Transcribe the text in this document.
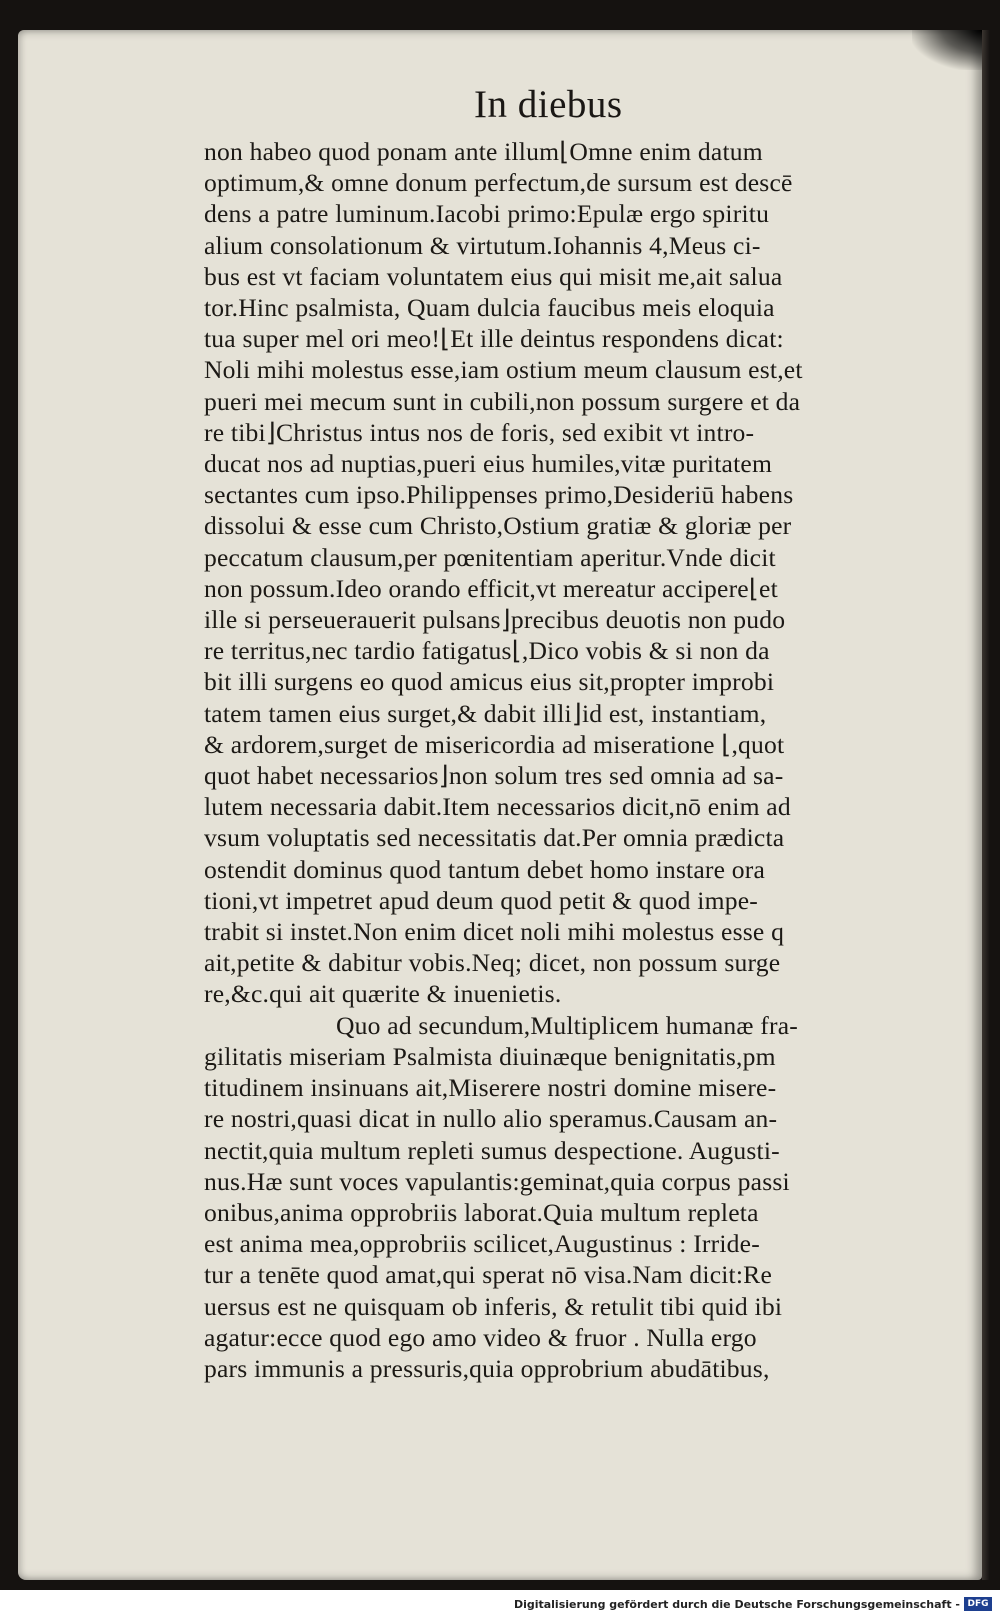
In diebus
non habeo quod ponam ante illum⌊Omne enim datum
optimum,& omne donum perfectum,de sursum est descē
dens a patre luminum.Iacobi primo:Epulæ ergo spiritu
alium consolationum & virtutum.Iohannis 4,Meus ci-
bus est vt faciam voluntatem eius qui misit me,ait salua
tor.Hinc psalmista, Quam dulcia faucibus meis eloquia
tua super mel ori meo!⌊Et ille deintus respondens dicat:
Noli mihi molestus esse,iam ostium meum clausum est,et
pueri mei mecum sunt in cubili,non possum surgere et da
re tibi⌋Christus intus nos de foris, sed exibit vt intro-
ducat nos ad nuptias,pueri eius humiles,vitæ puritatem
sectantes cum ipso.Philippenses primo,Desideriū habens
dissolui & esse cum Christo,Ostium gratiæ & gloriæ per
peccatum clausum,per pœnitentiam aperitur.Vnde dicit
non possum.Ideo orando efficit,vt mereatur accipere⌊et
ille si perseuerauerit pulsans⌋precibus deuotis non pudo
re territus,nec tardio fatigatus⌊,Dico vobis & si non da
bit illi surgens eo quod amicus eius sit,propter improbi
tatem tamen eius surget,& dabit illi⌋id est, instantiam,
& ardorem,surget de misericordia ad miseratione ⌊,quot
quot habet necessarios⌋non solum tres sed omnia ad sa-
lutem necessaria dabit.Item necessarios dicit,nō enim ad
vsum voluptatis sed necessitatis dat.Per omnia prædicta
ostendit dominus quod tantum debet homo instare ora
tioni,vt impetret apud deum quod petit & quod impe-
trabit si instet.Non enim dicet noli mihi molestus esse q
ait,petite & dabitur vobis.Neq; dicet, non possum surge
re,&c.qui ait quærite & inuenietis.
Quo ad secundum,Multiplicem humanæ fra-
gilitatis miseriam Psalmista diuinæque benignitatis,pm
titudinem insinuans ait,Miserere nostri domine misere-
re nostri,quasi dicat in nullo alio speramus.Causam an-
nectit,quia multum repleti sumus despectione. Augusti-
nus.Hæ sunt voces vapulantis:geminat,quia corpus passi
onibus,anima opprobriis laborat.Quia multum repleta
est anima mea,opprobriis scilicet,Augustinus : Irride-
tur a tenēte quod amat,qui sperat nō visa.Nam dicit:Re
uersus est ne quisquam ob inferis, & retulit tibi quid ibi
agatur:ecce quod ego amo video & fruor . Nulla ergo
pars immunis a pressuris,quia opprobrium abudātibus,
Digitalisierung gefördert durch die Deutsche Forschungsgemeinschaft - DFG
